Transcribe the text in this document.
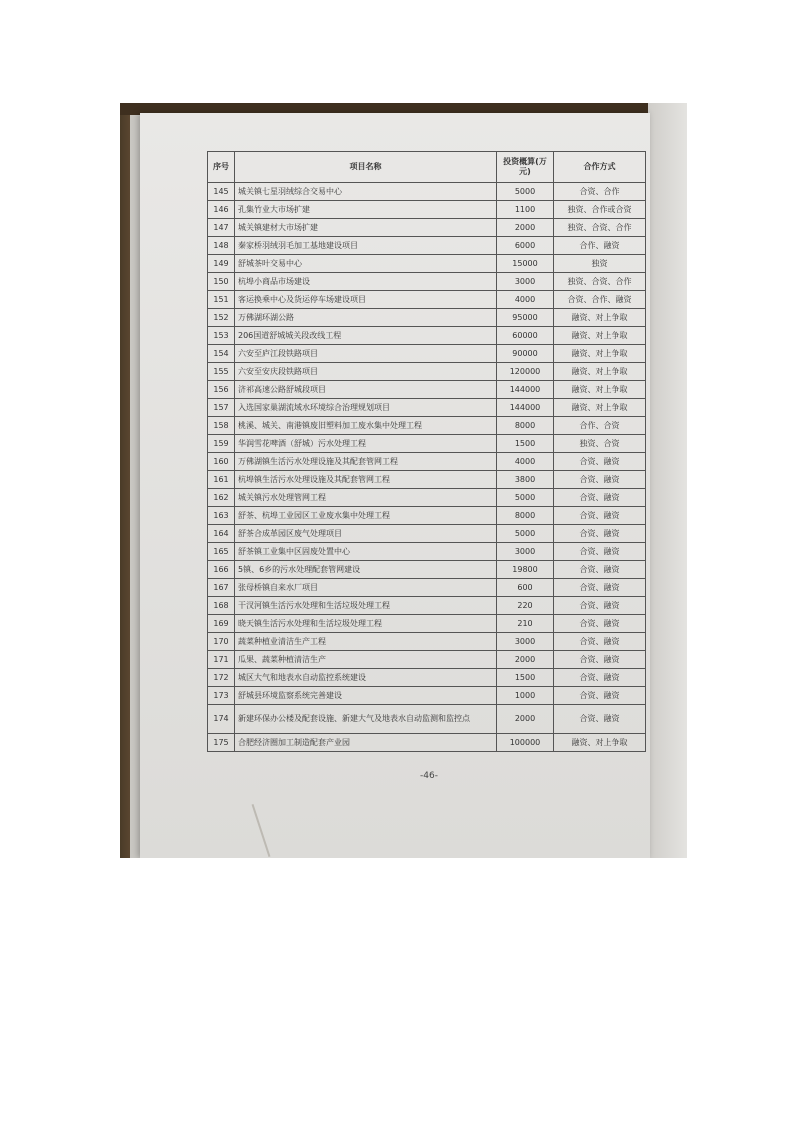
序号	项目名称	投资概算(万元)	合作方式
145	城关镇七星羽绒综合交易中心	5000	合资、合作
146	孔集竹业大市场扩建	1100	独资、合作或合资
147	城关镇建材大市场扩建	2000	独资、合资、合作
148	秦家桥羽绒羽毛加工基地建设项目	6000	合作、融资
149	舒城茶叶交易中心	15000	独资
150	杭埠小商品市场建设	3000	独资、合资、合作
151	客运换乘中心及货运停车场建设项目	4000	合资、合作、融资
152	万佛湖环湖公路	95000	融资、对上争取
153	206国道舒城城关段改线工程	60000	融资、对上争取
154	六安至庐江段铁路项目	90000	融资、对上争取
155	六安至安庆段铁路项目	120000	融资、对上争取
156	济祁高速公路舒城段项目	144000	融资、对上争取
157	入选国家巢湖流域水环境综合治理规划项目	144000	融资、对上争取
158	桃溪、城关、南港镇废旧塑料加工废水集中处理工程	8000	合作、合资
159	华润雪花啤酒（舒城）污水处理工程	1500	独资、合资
160	万佛湖镇生活污水处理设施及其配套管网工程	4000	合资、融资
161	杭埠镇生活污水处理设施及其配套管网工程	3800	合资、融资
162	城关镇污水处理管网工程	5000	合资、融资
163	舒茶、杭埠工业园区工业废水集中处理工程	8000	合资、融资
164	舒茶合成革园区废气处理项目	5000	合资、融资
165	舒茶镇工业集中区固废处置中心	3000	合资、融资
166	5镇、6乡的污水处理配套管网建设	19800	合资、融资
167	张母桥镇自来水厂项目	600	合资、融资
168	干汊河镇生活污水处理和生活垃圾处理工程	220	合资、融资
169	晓天镇生活污水处理和生活垃圾处理工程	210	合资、融资
170	蔬菜种植业清洁生产工程	3000	合资、融资
171	瓜果、蔬菜种植清洁生产	2000	合资、融资
172	城区大气和地表水自动监控系统建设	1500	合资、融资
173	舒城县环境监察系统完善建设	1000	合资、融资
174	新建环保办公楼及配套设施、新建大气及地表水自动监测和监控点	2000	合资、融资
175	合肥经济圈加工制造配套产业园	100000	融资、对上争取
-46-
